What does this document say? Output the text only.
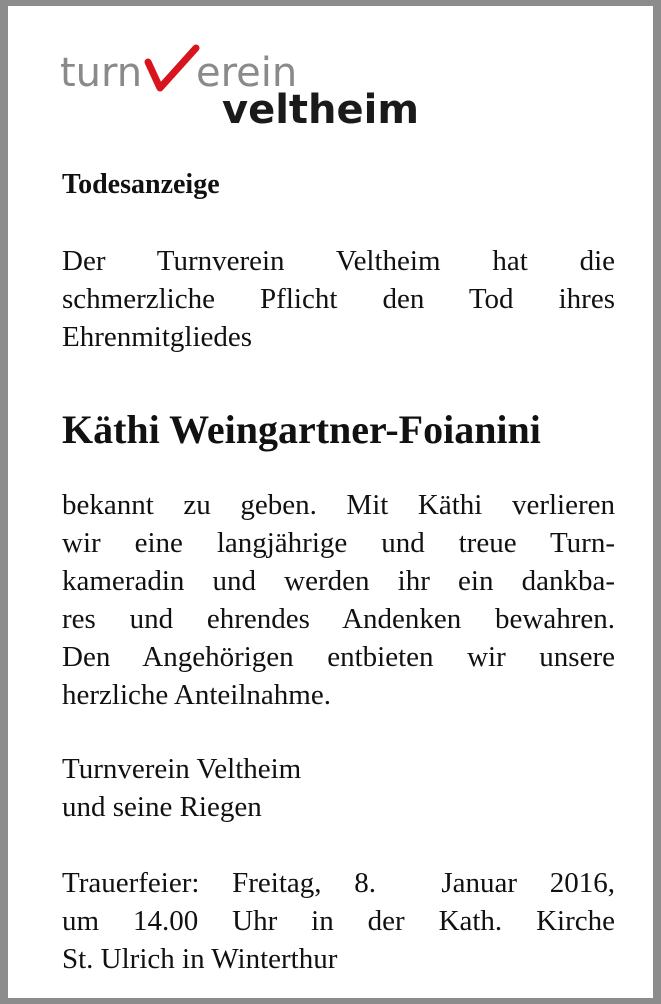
turn erein
veltheim
Todesanzeige

Der Turnverein Veltheim hat die
schmerzliche Pflicht den Tod ihres
Ehrenmitgliedes

Käthi Weingartner-Foianini

bekannt zu geben. Mit Käthi verlieren
wir eine langjährige und treue Turn-
kameradin und werden ihr ein dankba-
res und ehrendes Andenken bewahren.
Den Angehörigen entbieten wir unsere
herzliche Anteilnahme.

Turnverein Veltheim
und seine Riegen

Trauerfeier: Freitag, 8.  Januar 2016,
um 14.00 Uhr in der Kath. Kirche
St. Ulrich in Winterthur
